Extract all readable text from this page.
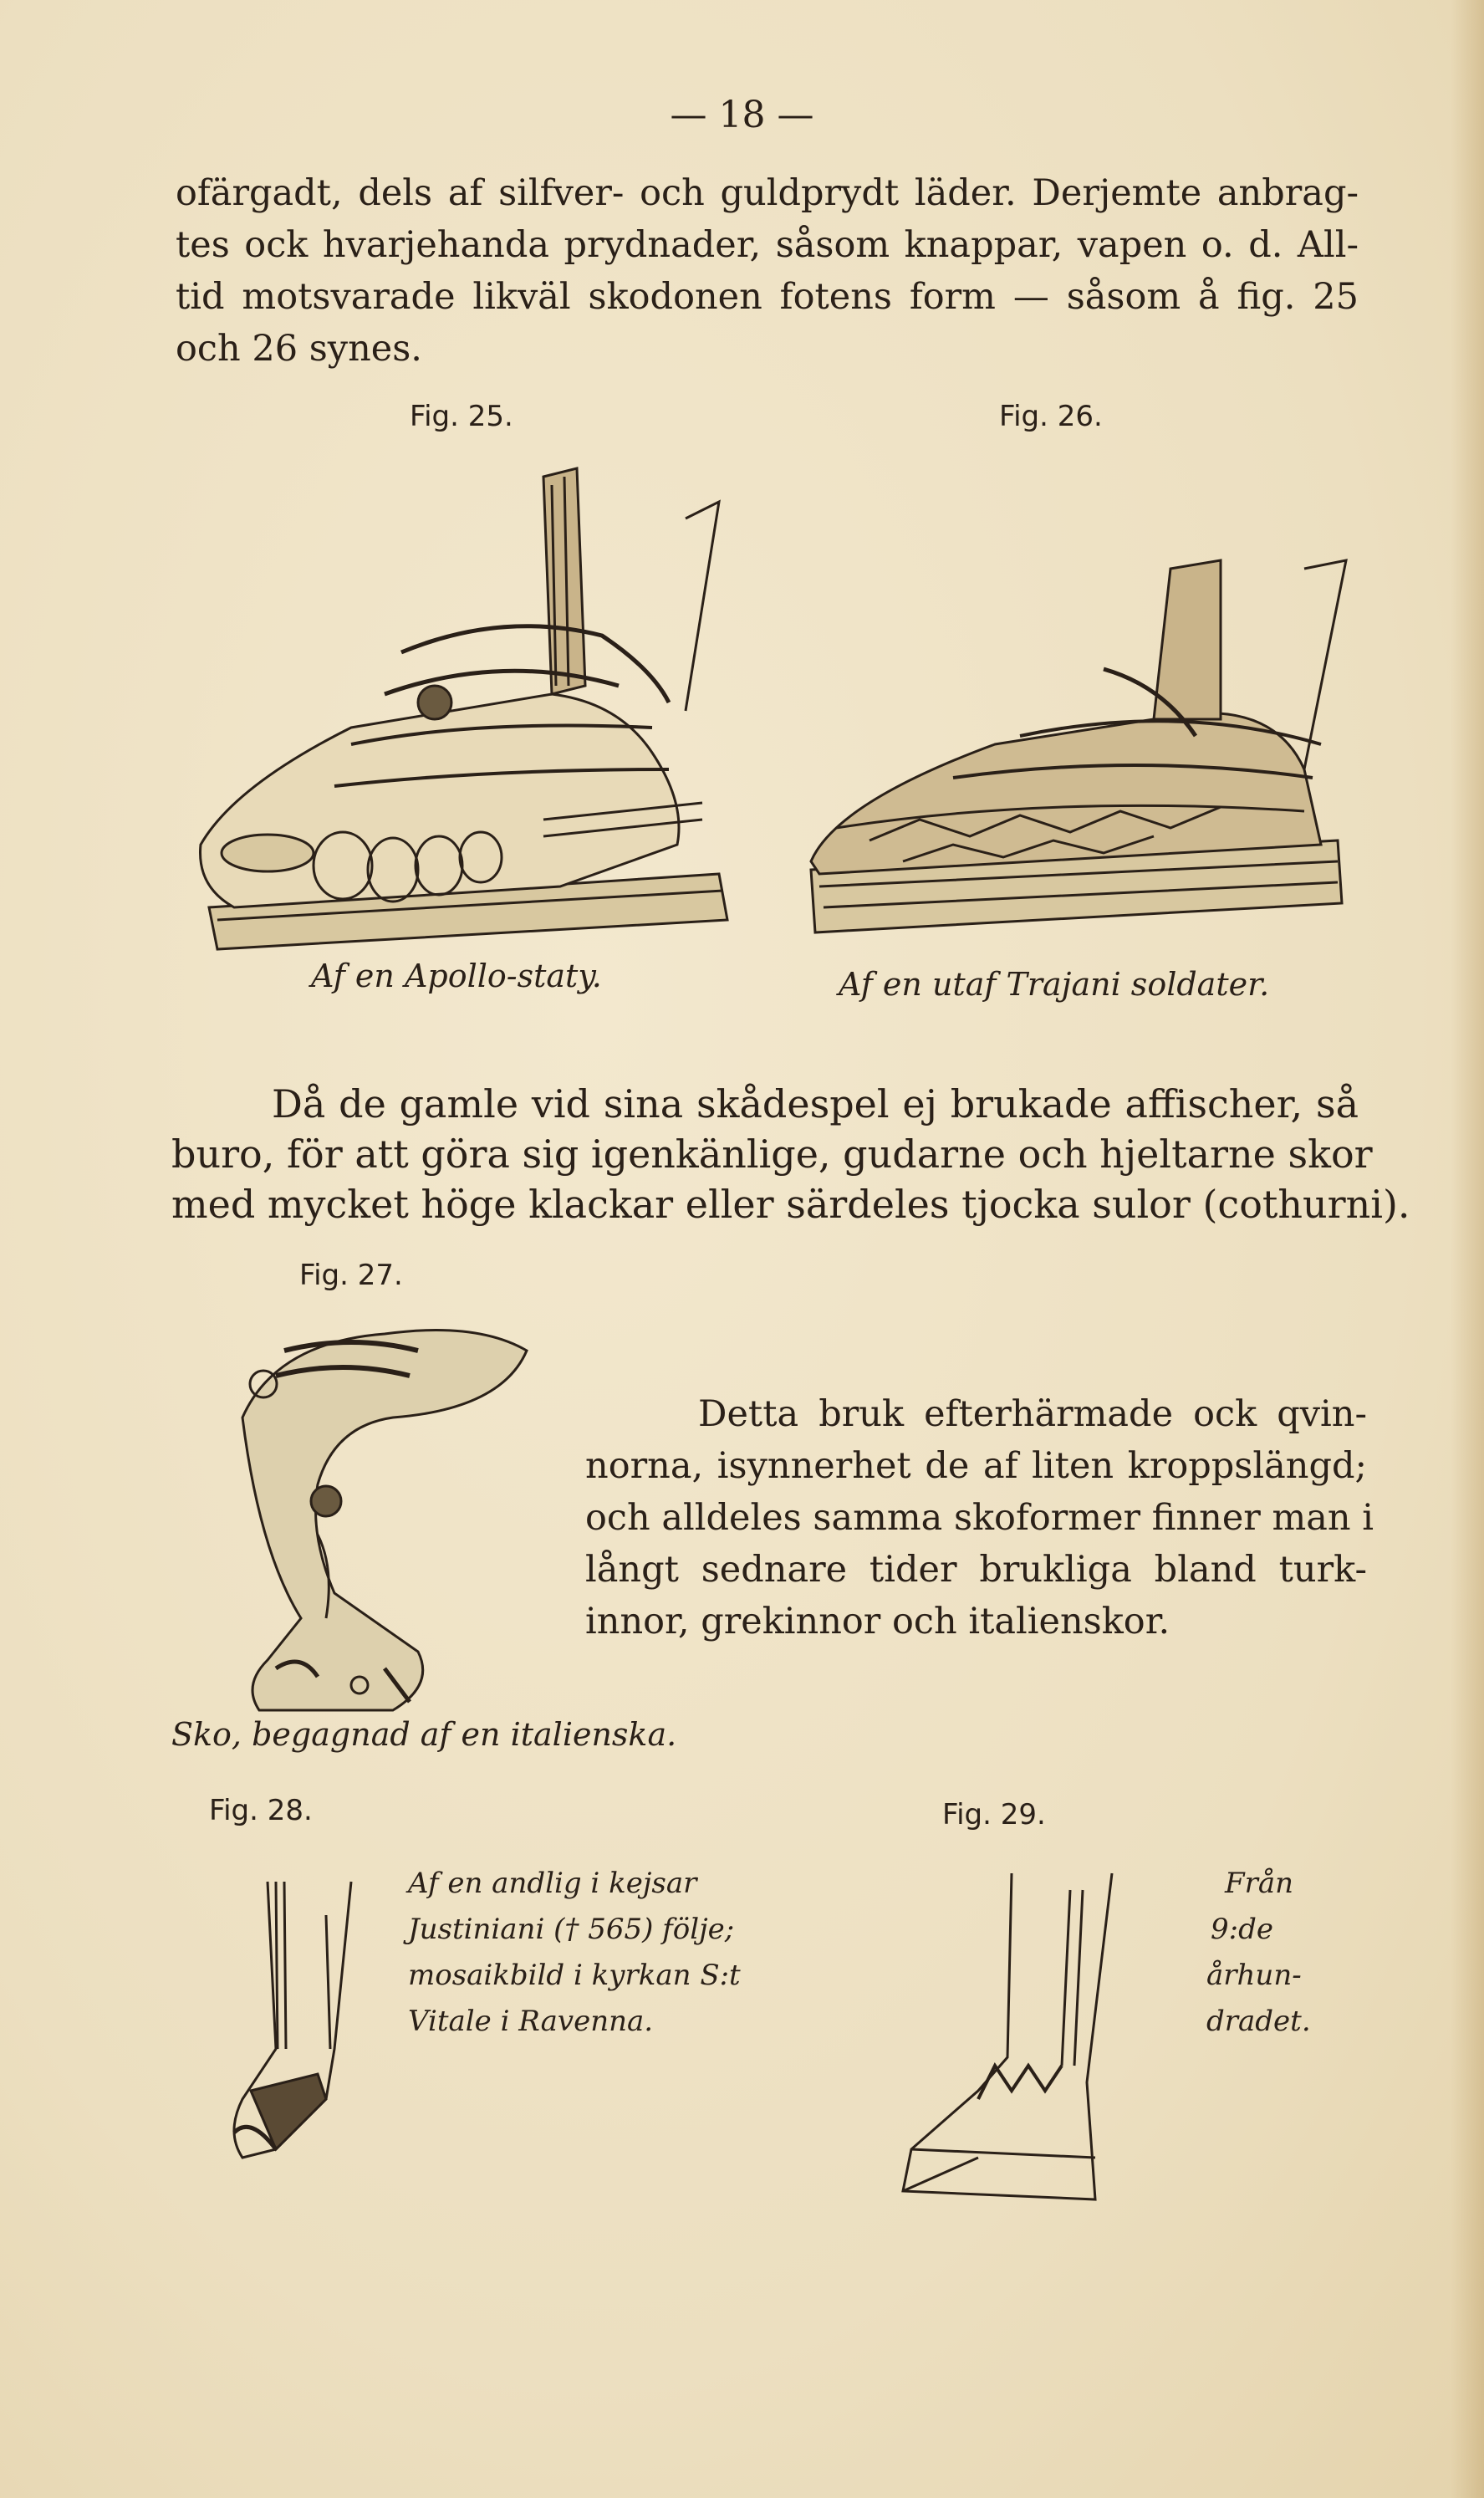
— 18 —

ofärgadt, dels af silfver- och guldprydt läder. Derjemte anbrag-

tes ock hvarjehanda prydnader, såsom knappar, vapen o. d. All-

tid motsvarade likväl skodonen fotens form — såsom å fig. 25

och 26 synes.

Fig. 25.	Fig. 26.

Af en Apollo-staty.	Af en utaf Trajani soldater.

Då de gamle vid sina skådespel ej brukade affischer, så

buro, för att göra sig igenkänlige, gudarne och hjeltarne skor

med mycket höge klackar eller särdeles tjocka sulor (cothurni).

Fig. 27.

Detta bruk efterhärmade ock qvin-

norna, isynnerhet de af liten kroppslängd;

och alldeles samma skoformer finner man i

långt sednare tider brukliga bland turk-

innor, grekinnor och italienskor.

Sko, begagnad af en italienska.

Fig. 28.

Af en andlig i kejsar

Justiniani († 565) följe;

mosaikbild i kyrkan S:t

Vitale i Ravenna.

Fig. 29.

Från

9:de

århun-

dradet.
